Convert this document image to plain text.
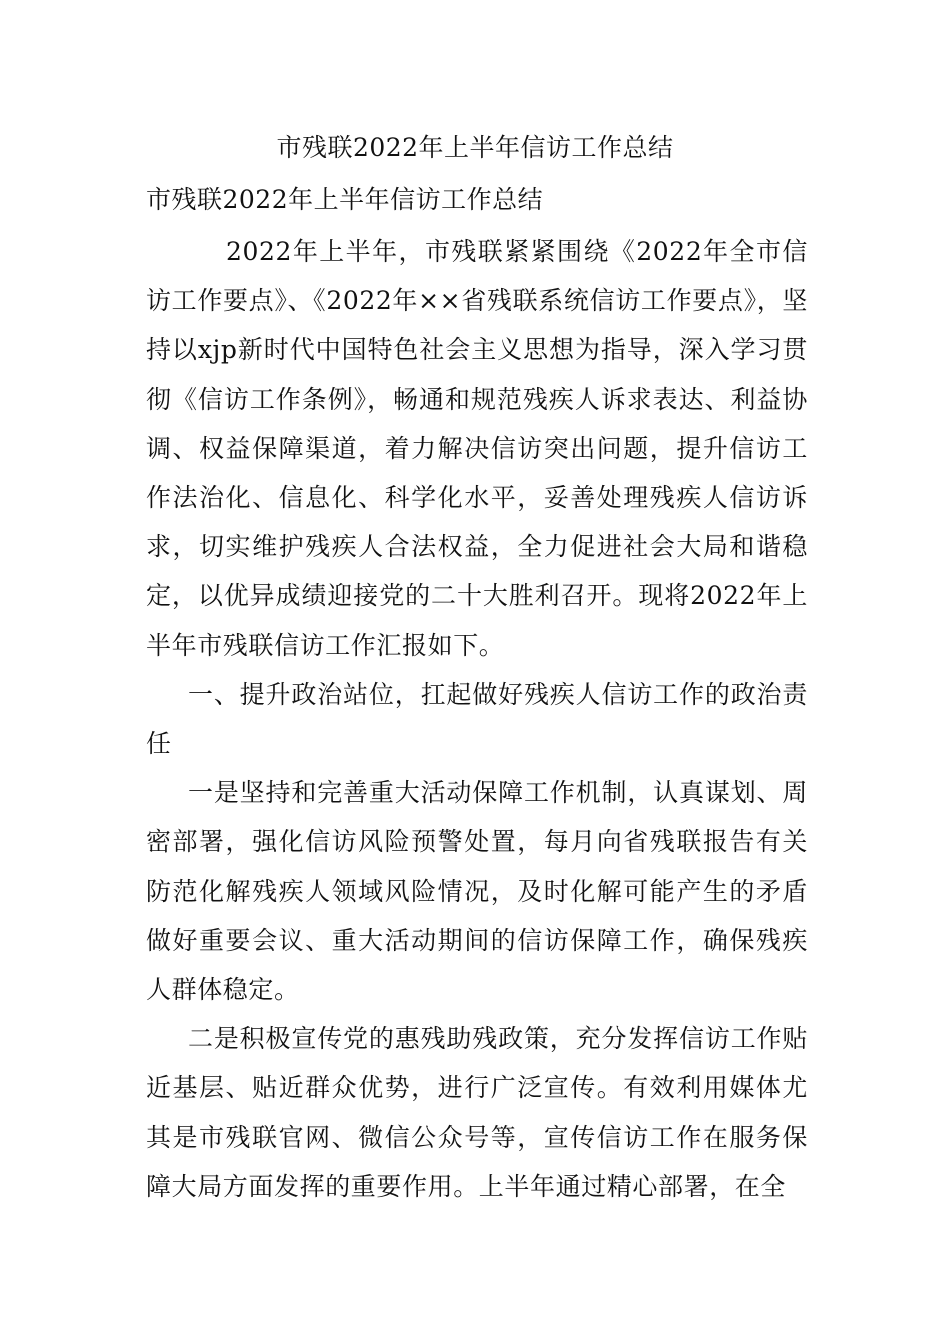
市残联2022年上半年信访工作总结
市残联2022年上半年信访工作总结

2022年上半年，市残联紧紧围绕《2022年全市信访工作要点》、《2022年××省残联系统信访工作要点》，坚持以xjp新时代中国特色社会主义思想为指导，深入学习贯彻《信访工作条例》，畅通和规范残疾人诉求表达、利益协调、权益保障渠道，着力解决信访突出问题，提升信访工作法治化、信息化、科学化水平，妥善处理残疾人信访诉求，切实维护残疾人合法权益，全力促进社会大局和谐稳定，以优异成绩迎接党的二十大胜利召开。现将2022年上半年市残联信访工作汇报如下。

一、提升政治站位，扛起做好残疾人信访工作的政治责任

一是坚持和完善重大活动保障工作机制，认真谋划、周密部署，强化信访风险预警处置，每月向省残联报告有关防范化解残疾人领域风险情况，及时化解可能产生的矛盾做好重要会议、重大活动期间的信访保障工作，确保残疾人群体稳定。

二是积极宣传党的惠残助残政策，充分发挥信访工作贴近基层、贴近群众优势，进行广泛宣传。有效利用媒体尤其是市残联官网、微信公众号等，宣传信访工作在服务保障大局方面发挥的重要作用。上半年通过精心部署，在全
